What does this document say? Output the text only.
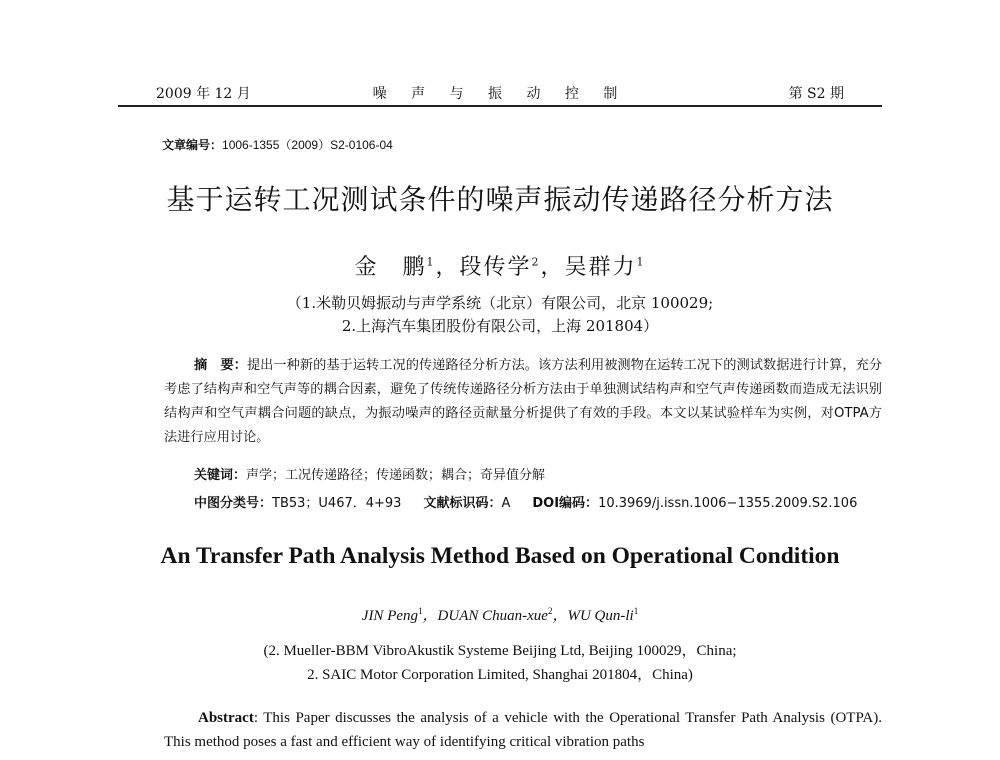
2009 年 12 月	噪 声 与 振 动 控 制	第 S2 期
文章编号：1006-1355（2009）S2-0106-04
基于运转工况测试条件的噪声振动传递路径分析方法
金　鹏$^1$，段传学$^2$，吴群力$^1$
（1.米勒贝姆振动与声学系统（北京）有限公司，北京 100029;
2.上海汽车集团股份有限公司，上海 201804）
摘　要：提出一种新的基于运转工况的传递路径分析方法。该方法利用被测物在运转工况下的测试数据进行计算，充分考虑了结构声和空气声等的耦合因素，避免了传统传递路径分析方法由于单独测试结构声和空气声传递函数而造成无法识别结构声和空气声耦合问题的缺点，为振动噪声的路径贡献量分析提供了有效的手段。本文以某试验样车为实例，对OTPA方法进行应用讨论。
关键词：声学；工况传递路径；传递函数；耦合；奇异值分解
中图分类号：TB53；U467．4+93 文献标识码：A DOI编码：10.3969/j.issn.1006−1355.2009.S2.106
An Transfer Path Analysis Method Based on Operational Condition
JIN Peng$^1$，DUAN Chuan-xue$^2$，WU Qun-$li^1$
(2. Mueller-BBM VibroAkustik Systeme Beijing Ltd, Beijing 100029，China;
2. SAIC Motor Corporation Limited, Shanghai 201804，China)
Abstract: This Paper discusses the analysis of a vehicle with the Operational Transfer Path Analysis (OTPA). This method poses a fast and efficient way of identifying critical vibration paths
